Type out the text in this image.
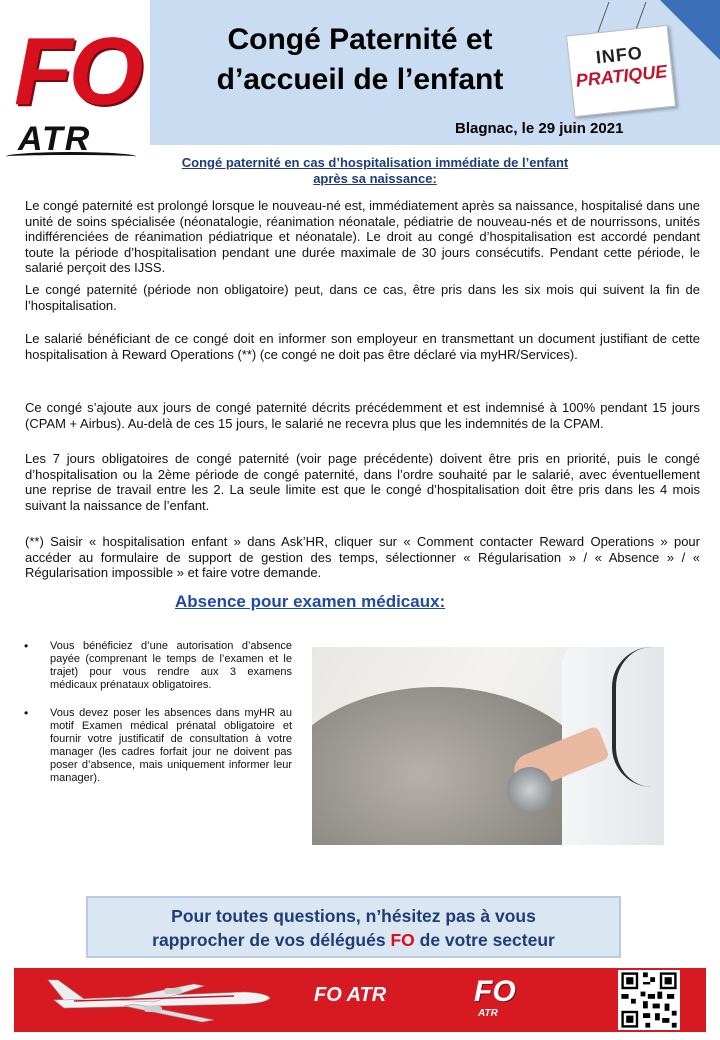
FO
ATR
Congé Paternité et
d’accueil de l’enfant
INFO
PRATIQUE
Blagnac, le 29 juin 2021
Congé paternité en cas d’hospitalisation immédiate de l’enfant
après sa naissance:
Le congé paternité est prolongé lorsque le nouveau-né est, immédiatement après sa naissance, hospitalisé dans une unité de soins spécialisée (néonatalogie, réanimation néonatale, pédiatrie de nouveau-nés et de nourrissons, unités indifférenciées de réanimation pédiatrique et néonatale). Le droit au congé d’hospitalisation est accordé pendant toute la période d’hospitalisation pendant une durée maximale de 30 jours consécutifs. Pendant cette période, le salarié perçoit des IJSS.
Le congé paternité (période non obligatoire) peut, dans ce cas, être pris dans les six mois qui suivent la fin de l’hospitalisation.
Le salarié bénéficiant de ce congé doit en informer son employeur en transmettant un document justifiant de cette hospitalisation à Reward Operations (**) (ce congé ne doit pas être déclaré via myHR/Services).
Ce congé s’ajoute aux jours de congé paternité décrits précédemment et est indemnisé à 100% pendant 15 jours (CPAM + Airbus). Au-delà de ces 15 jours, le salarié ne recevra plus que les indemnités de la CPAM.
Les 7 jours obligatoires de congé paternité (voir page précédente) doivent être pris en priorité, puis le congé d’hospitalisation ou la 2ème période de congé paternité, dans l’ordre souhaité par le salarié, avec éventuellement une reprise de travail entre les 2. La seule limite est que le congé d’hospitalisation doit être pris dans les 4 mois suivant la naissance de l’enfant.
(**) Saisir « hospitalisation enfant » dans Ask’HR, cliquer sur « Comment contacter Reward Operations » pour accéder au formulaire de support de gestion des temps, sélectionner « Régularisation » / « Absence » / « Régularisation impossible » et faire votre demande.
Absence pour examen médicaux:
• Vous bénéficiez d’une autorisation d’absence payée (comprenant le temps de l’examen et le trajet) pour vous rendre aux 3 examens médicaux prénataux obligatoires.
• Vous devez poser les absences dans myHR au motif Examen médical prénatal obligatoire et fournir votre justificatif de consultation à votre manager (les cadres forfait jour ne doivent pas poser d’absence, mais uniquement informer leur manager).
Pour toutes questions, n’hésitez pas à vous
rapprocher de vos délégués FO de votre secteur
FO ATR	FO
ATR
